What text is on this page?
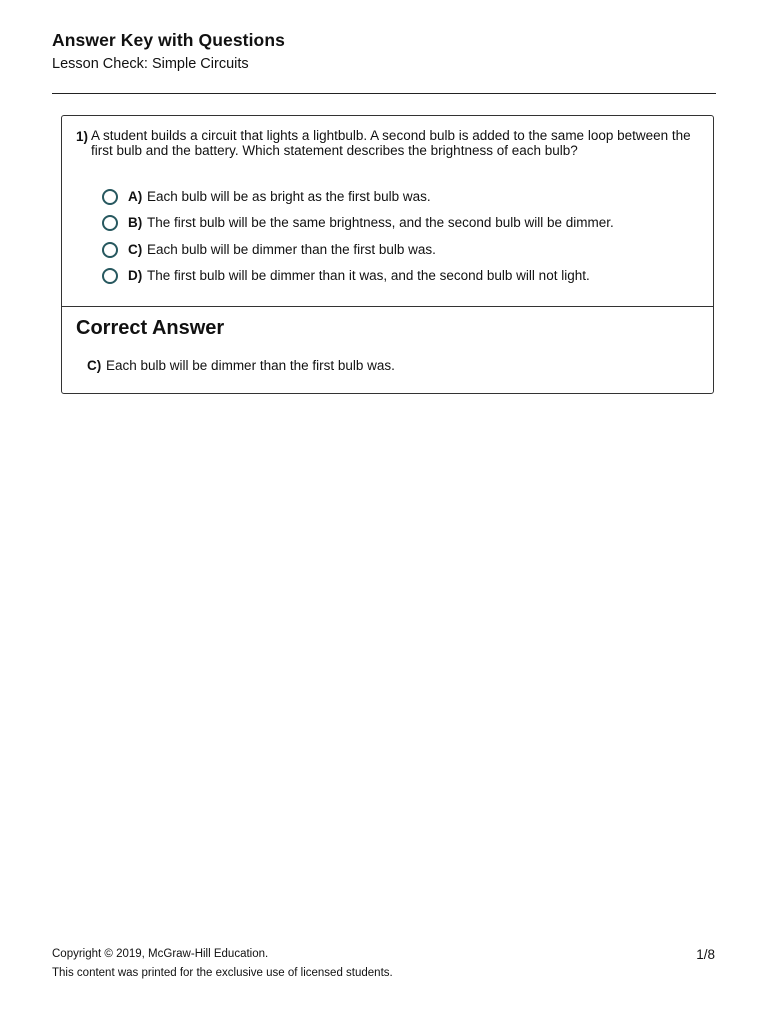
Answer Key with Questions
Lesson Check: Simple Circuits
1) A student builds a circuit that lights a lightbulb. A second bulb is added to the same loop between the first bulb and the battery. Which statement describes the brightness of each bulb?
A) Each bulb will be as bright as the first bulb was.
B) The first bulb will be the same brightness, and the second bulb will be dimmer.
C) Each bulb will be dimmer than the first bulb was.
D) The first bulb will be dimmer than it was, and the second bulb will not light.
Correct Answer
C) Each bulb will be dimmer than the first bulb was.
Copyright © 2019, McGraw-Hill Education.
This content was printed for the exclusive use of licensed students.
1/8
